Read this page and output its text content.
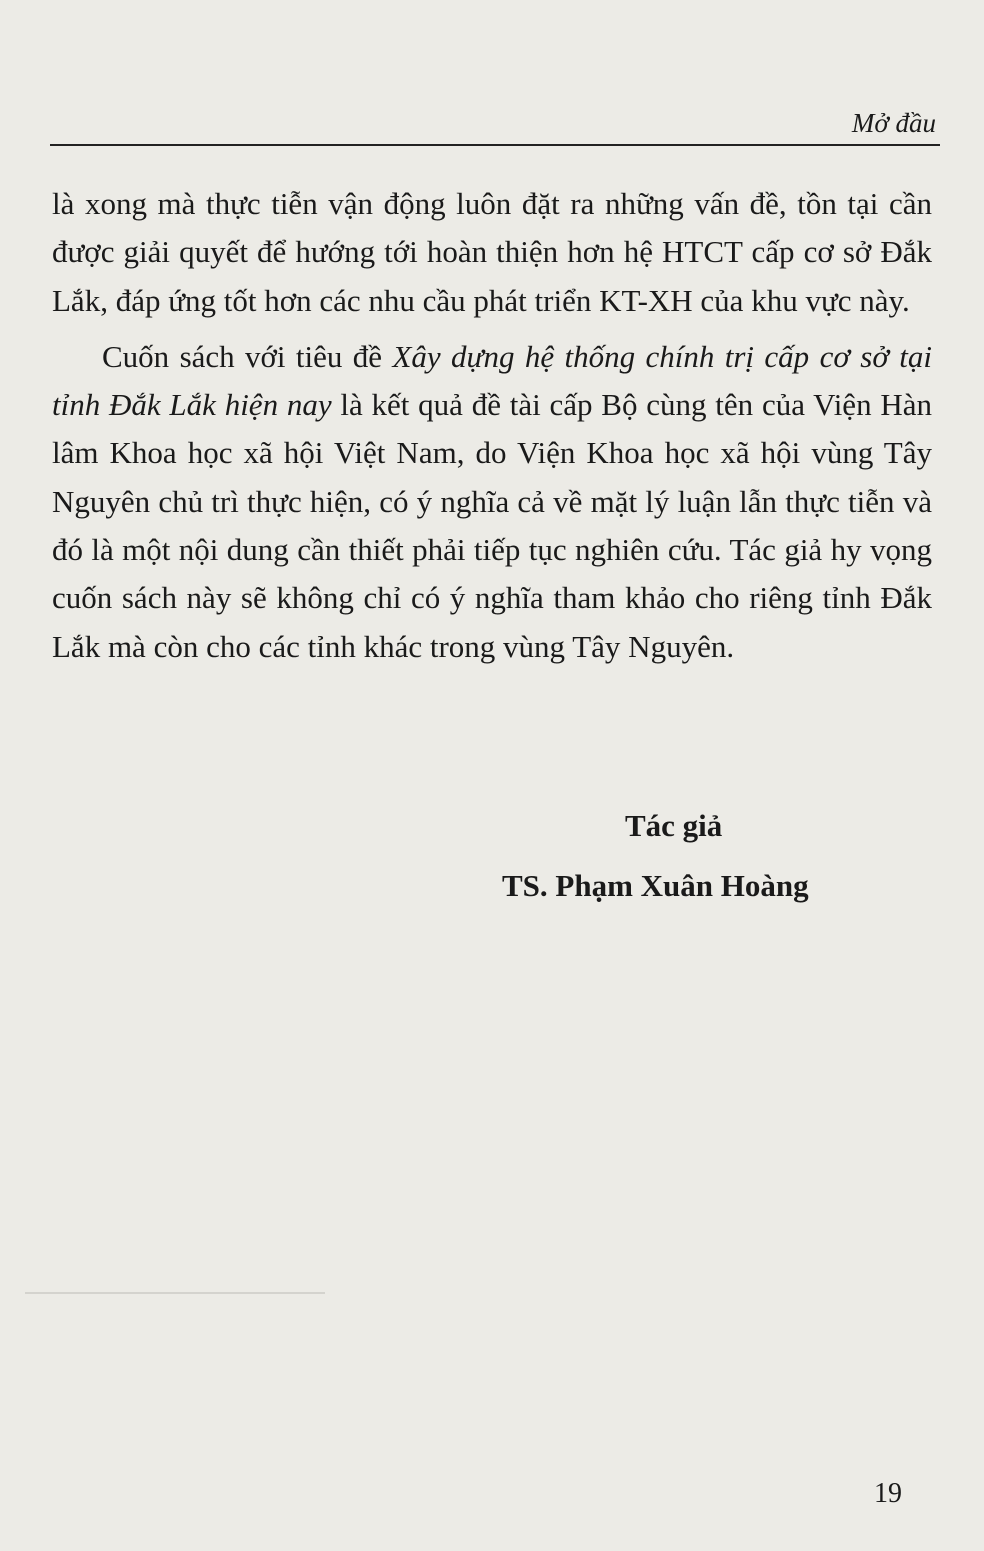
Mở đầu

là xong mà thực tiễn vận động luôn đặt ra những vấn đề, tồn tại cần được giải quyết để hướng tới hoàn thiện hơn hệ HTCT cấp cơ sở Đắk Lắk, đáp ứng tốt hơn các nhu cầu phát triển KT-XH của khu vực này.

Cuốn sách với tiêu đề Xây dựng hệ thống chính trị cấp cơ sở tại tỉnh Đắk Lắk hiện nay là kết quả đề tài cấp Bộ cùng tên của Viện Hàn lâm Khoa học xã hội Việt Nam, do Viện Khoa học xã hội vùng Tây Nguyên chủ trì thực hiện, có ý nghĩa cả về mặt lý luận lẫn thực tiễn và đó là một nội dung cần thiết phải tiếp tục nghiên cứu. Tác giả hy vọng cuốn sách này sẽ không chỉ có ý nghĩa tham khảo cho riêng tỉnh Đắk Lắk mà còn cho các tỉnh khác trong vùng Tây Nguyên.

Tác giả
TS. Phạm Xuân Hoàng
19
